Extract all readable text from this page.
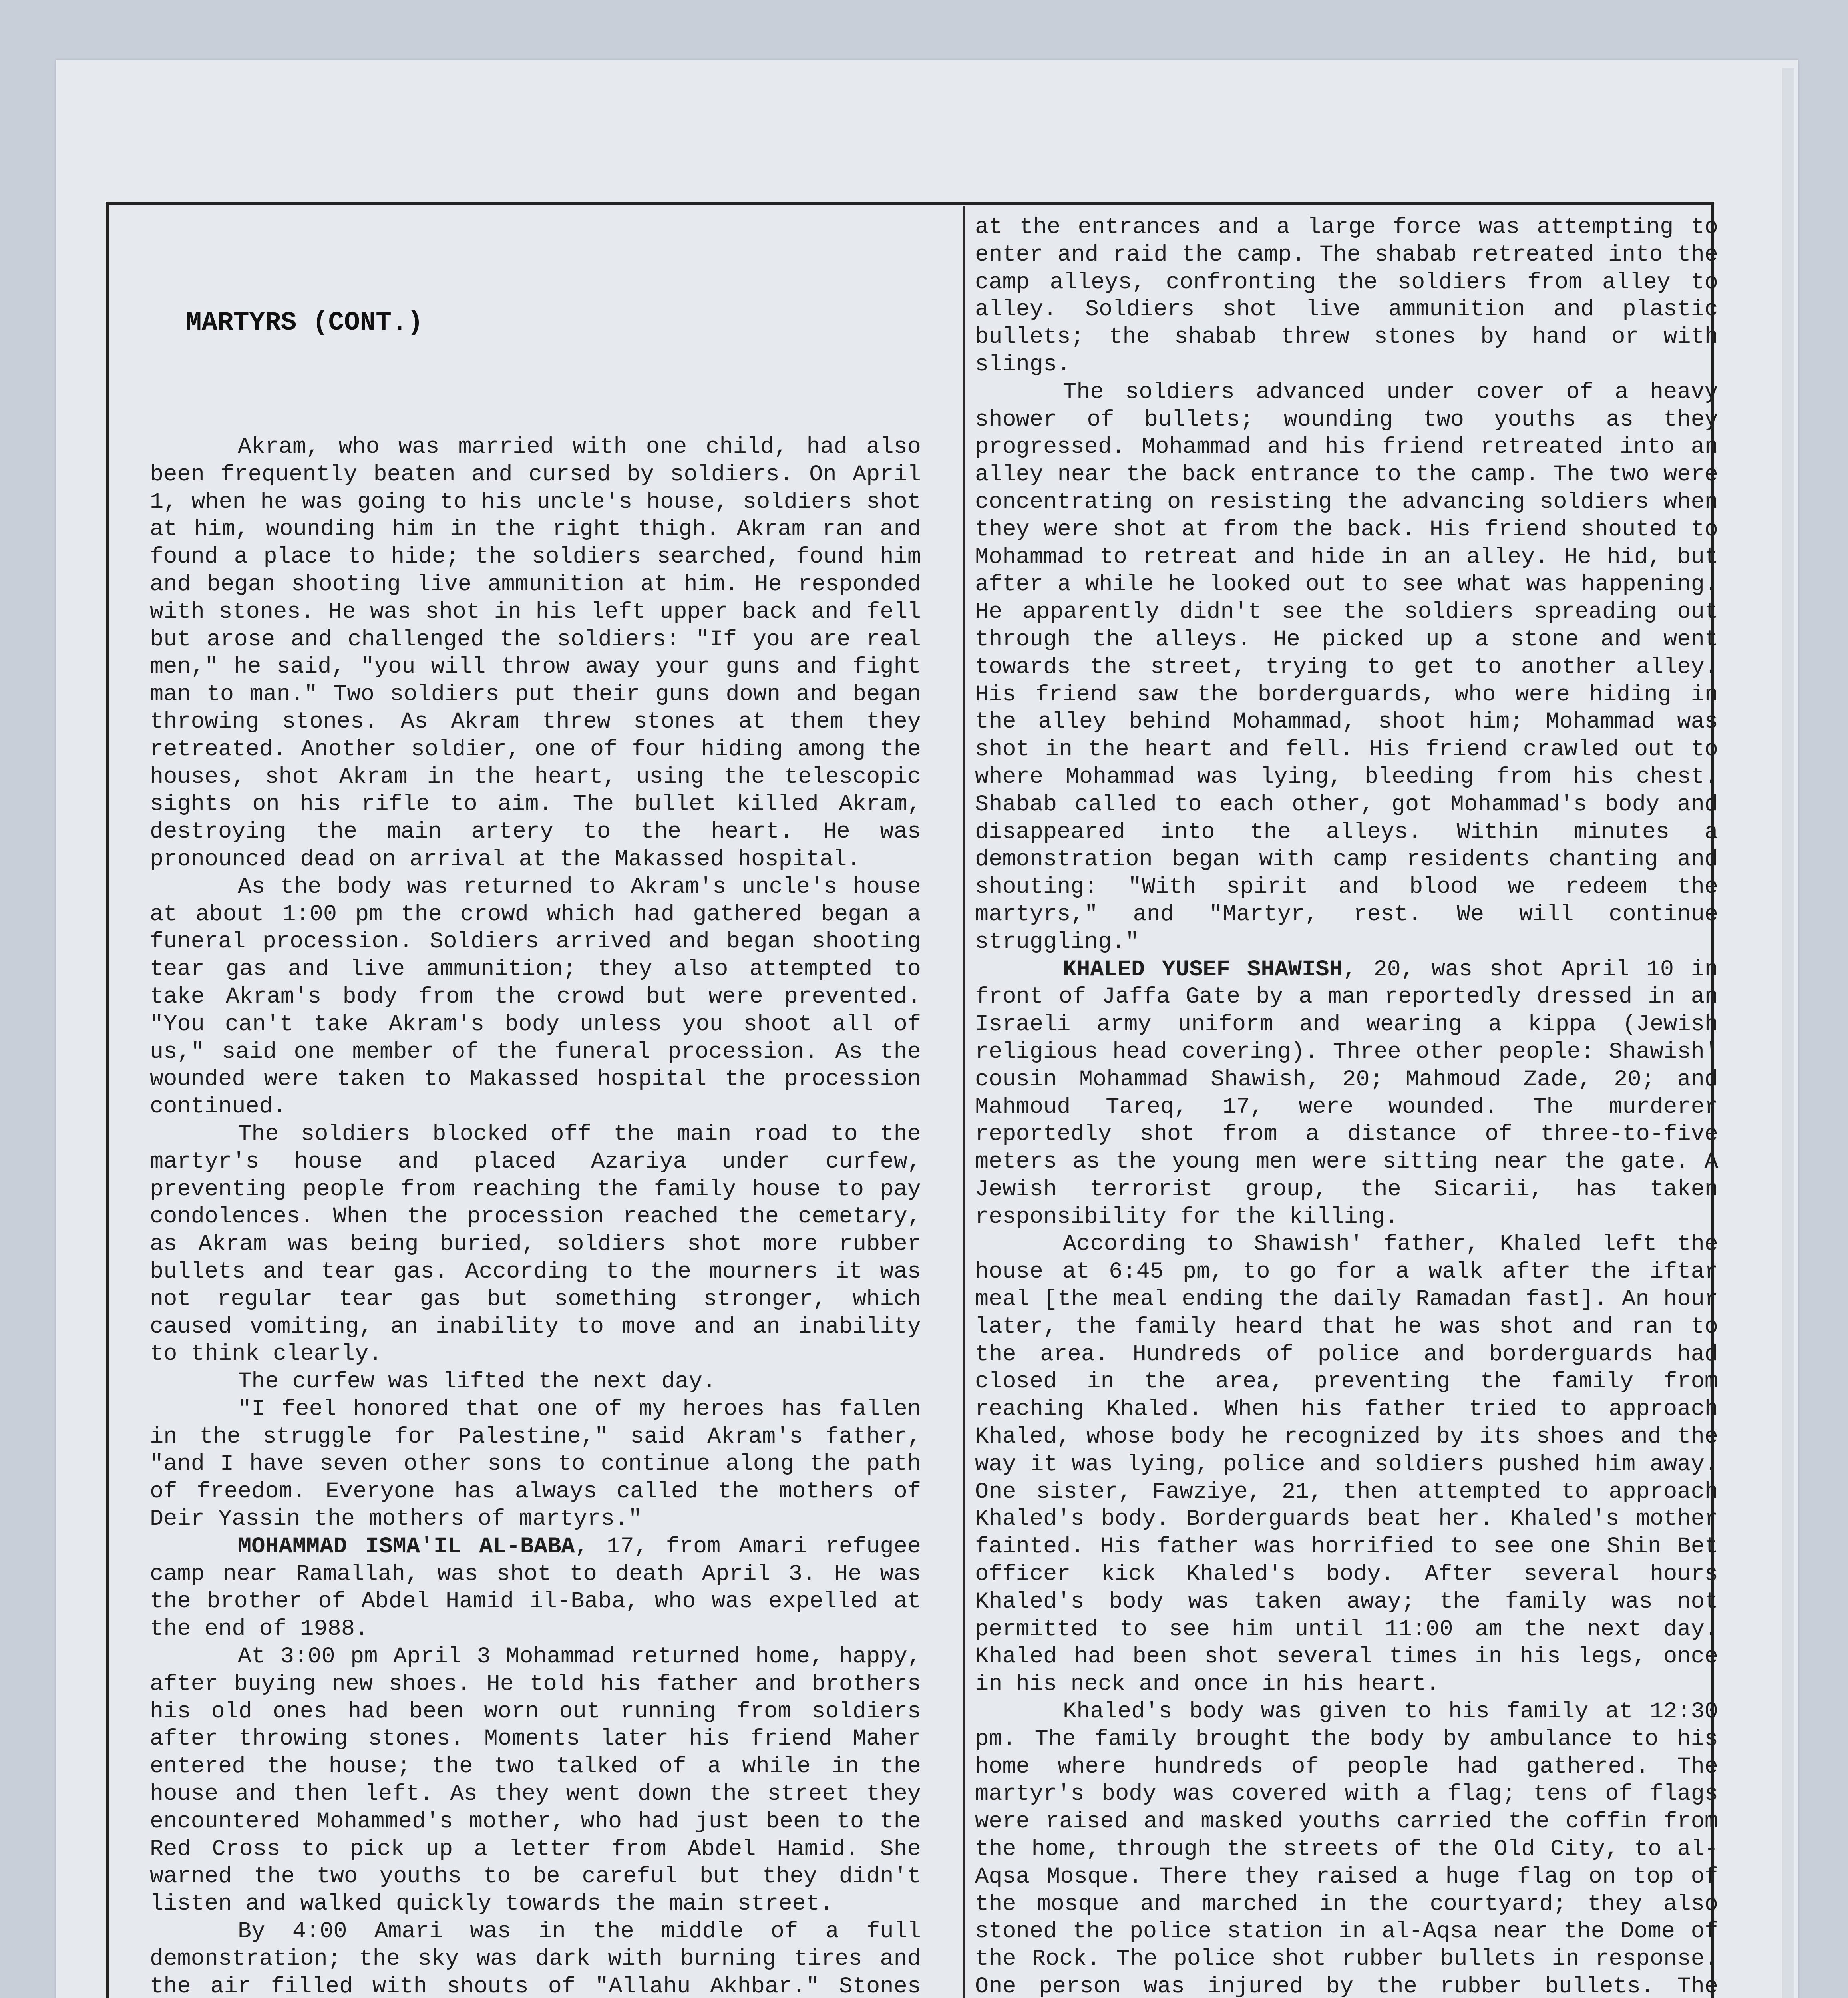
MARTYRS (CONT.)

Akram, who was married with one child, had also been frequently beaten and cursed by soldiers. On April 1, when he was going to his uncle's house, soldiers shot at him, wounding him in the right thigh. Akram ran and found a place to hide; the soldiers searched, found him and began shooting live ammunition at him. He responded with stones. He was shot in his left upper back and fell but arose and challenged the soldiers: "If you are real men," he said, "you will throw away your guns and fight man to man." Two soldiers put their guns down and began throwing stones. As Akram threw stones at them they retreated. Another soldier, one of four hiding among the houses, shot Akram in the heart, using the telescopic sights on his rifle to aim. The bullet killed Akram, destroying the main artery to the heart. He was pronounced dead on arrival at the Makassed hospital.

As the body was returned to Akram's uncle's house at about 1:00 pm the crowd which had gathered began a funeral procession. Soldiers arrived and began shooting tear gas and live ammunition; they also attempted to take Akram's body from the crowd but were prevented. "You can't take Akram's body unless you shoot all of us," said one member of the funeral procession. As the wounded were taken to Makassed hospital the procession continued.

The soldiers blocked off the main road to the martyr's house and placed Azariya under curfew, preventing people from reaching the family house to pay condolences. When the procession reached the cemetary, as Akram was being buried, soldiers shot more rubber bullets and tear gas. According to the mourners it was not regular tear gas but something stronger, which caused vomiting, an inability to move and an inability to think clearly.

The curfew was lifted the next day.

"I feel honored that one of my heroes has fallen in the struggle for Palestine," said Akram's father, "and I have seven other sons to continue along the path of freedom. Everyone has always called the mothers of Deir Yassin the mothers of martyrs."

MOHAMMAD ISMA'IL AL-BABA, 17, from Amari refugee camp near Ramallah, was shot to death April 3. He was the brother of Abdel Hamid il-Baba, who was expelled at the end of 1988.

At 3:00 pm April 3 Mohammad returned home, happy, after buying new shoes. He told his father and brothers his old ones had been worn out running from soldiers after throwing stones. Moments later his friend Maher entered the house; the two talked of a while in the house and then left. As they went down the street they encountered Mohammed's mother, who had just been to the Red Cross to pick up a letter from Abdel Hamid. She warned the two youths to be careful but they didn't listen and walked quickly towards the main street.

By 4:00 Amari was in the middle of a full demonstration; the sky was dark with burning tires and the air filled with shouts of "Allahu Akhbar." Stones

at the entrances and a large force was attempting to enter and raid the camp. The shabab retreated into the camp alleys, confronting the soldiers from alley to alley. Soldiers shot live ammunition and plastic bullets; the shabab threw stones by hand or with slings.

The soldiers advanced under cover of a heavy shower of bullets; wounding two youths as they progressed. Mohammad and his friend retreated into an alley near the back entrance to the camp. The two were concentrating on resisting the advancing soldiers when they were shot at from the back. His friend shouted to Mohammad to retreat and hide in an alley. He hid, but after a while he looked out to see what was happening. He apparently didn't see the soldiers spreading out through the alleys. He picked up a stone and went towards the street, trying to get to another alley. His friend saw the borderguards, who were hiding in the alley behind Mohammad, shoot him; Mohammad was shot in the heart and fell. His friend crawled out to where Mohammad was lying, bleeding from his chest. Shabab called to each other, got Mohammad's body and disappeared into the alleys. Within minutes a demonstration began with camp residents chanting and shouting: "With spirit and blood we redeem the martyrs," and "Martyr, rest. We will continue struggling."

KHALED YUSEF SHAWISH, 20, was shot April 10 in front of Jaffa Gate by a man reportedly dressed in an Israeli army uniform and wearing a kippa (Jewish religious head covering). Three other people: Shawish' cousin Mohammad Shawish, 20; Mahmoud Zade, 20; and Mahmoud Tareq, 17, were wounded. The murderer reportedly shot from a distance of three-to-five meters as the young men were sitting near the gate. A Jewish terrorist group, the Sicarii, has taken responsibility for the killing.

According to Shawish' father, Khaled left the house at 6:45 pm, to go for a walk after the iftar meal [the meal ending the daily Ramadan fast]. An hour later, the family heard that he was shot and ran to the area. Hundreds of police and borderguards had closed in the area, preventing the family from reaching Khaled. When his father tried to approach Khaled, whose body he recognized by its shoes and the way it was lying, police and soldiers pushed him away. One sister, Fawziye, 21, then attempted to approach Khaled's body. Borderguards beat her. Khaled's mother fainted. His father was horrified to see one Shin Bet officer kick Khaled's body. After several hours Khaled's body was taken away; the family was not permitted to see him until 11:00 am the next day. Khaled had been shot several times in his legs, once in his neck and once in his heart.

Khaled's body was given to his family at 12:30 pm. The family brought the body by ambulance to his home where hundreds of people had gathered. The martyr's body was covered with a flag; tens of flags were raised and masked youths carried the coffin from the home, through the streets of the Old City, to al-Aqsa Mosque. There they raised a huge flag on top of the mosque and marched in the courtyard; they also stoned the police station in al-Aqsa near the Dome of the Rock. The police shot rubber bullets in response. One person was injured by the rubber bullets. The
